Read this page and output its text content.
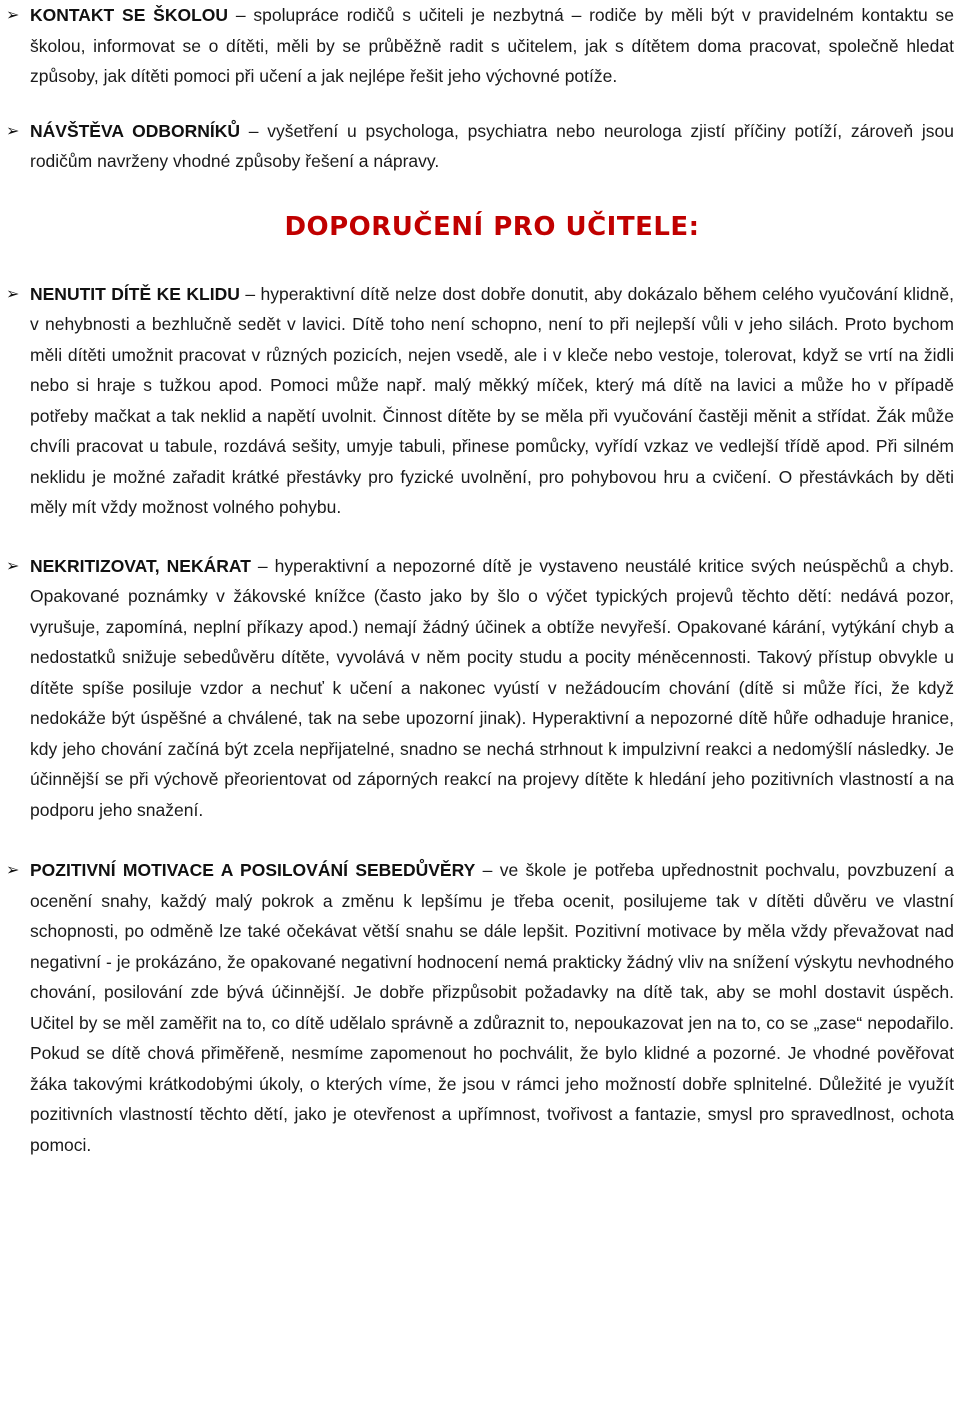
➢ KONTAKT SE ŠKOLOU – spolupráce rodičů s učiteli je nezbytná – rodiče by měli být v pravidelném kontaktu se školou, informovat se o dítěti, měli by se průběžně radit s učitelem, jak s dítětem doma pracovat, společně hledat způsoby, jak dítěti pomoci při učení a jak nejlépe řešit jeho výchovné potíže.
➢ NÁVŠTĚVA ODBORNÍKŮ – vyšetření u psychologa, psychiatra nebo neurologa zjistí příčiny potíží, zároveň jsou rodičům navrženy vhodné způsoby řešení a nápravy.
DOPORUČENÍ PRO UČITELE:
➢ NENUTIT DÍTĚ KE KLIDU – hyperaktivní dítě nelze dost dobře donutit, aby dokázalo během celého vyučování klidně, v nehybnosti a bezhlučně sedět v lavici. Dítě toho není schopno, není to při nejlepší vůli v jeho silách. Proto bychom měli dítěti umožnit pracovat v různých pozicích, nejen vsedě, ale i v kleče nebo vestoje, tolerovat, když se vrtí na židli nebo si hraje s tužkou apod. Pomoci může např. malý měkký míček, který má dítě na lavici a může ho v případě potřeby mačkat a tak neklid a napětí uvolnit. Činnost dítěte by se měla při vyučování častěji měnit a střídat. Žák může chvíli pracovat u tabule, rozdává sešity, umyje tabuli, přinese pomůcky, vyřídí vzkaz ve vedlejší třídě apod. Při silném neklidu je možné zařadit krátké přestávky pro fyzické uvolnění, pro pohybovou hru a cvičení. O přestávkách by děti měly mít vždy možnost volného pohybu.
➢ NEKRITIZOVAT, NEKÁRAT – hyperaktivní a nepozorné dítě je vystaveno neustálé kritice svých neúspěchů a chyb. Opakované poznámky v žákovské knížce (často jako by šlo o výčet typických projevů těchto dětí: nedává pozor, vyrušuje, zapomíná, neplní příkazy apod.) nemají žádný účinek a obtíže nevyřeší. Opakované kárání, vytýkání chyb a nedostatků snižuje sebedůvěru dítěte, vyvolává v něm pocity studu a pocity méněcennosti. Takový přístup obvykle u dítěte spíše posiluje vzdor a nechuť k učení a nakonec vyústí v nežádoucím chování (dítě si může říci, že když nedokáže být úspěšné a chválené, tak na sebe upozorní jinak). Hyperaktivní a nepozorné dítě hůře odhaduje hranice, kdy jeho chování začíná být zcela nepřijatelné, snadno se nechá strhnout k impulzivní reakci a nedomýšlí následky. Je účinnější se při výchově přeorientovat od záporných reakcí na projevy dítěte k hledání jeho pozitivních vlastností a na podporu jeho snažení.
➢ POZITIVNÍ MOTIVACE A POSILOVÁNÍ SEBEDŮVĚRY – ve škole je potřeba upřednostnit pochvalu, povzbuzení a ocenění snahy, každý malý pokrok a změnu k lepšímu je třeba ocenit, posilujeme tak v dítěti důvěru ve vlastní schopnosti, po odměně lze také očekávat větší snahu se dále lepšit. Pozitivní motivace by měla vždy převažovat nad negativní - je prokázáno, že opakované negativní hodnocení nemá prakticky žádný vliv na snížení výskytu nevhodného chování, posilování zde bývá účinnější. Je dobře přizpůsobit požadavky na dítě tak, aby se mohl dostavit úspěch. Učitel by se měl zaměřit na to, co dítě udělalo správně a zdůraznit to, nepoukazovat jen na to, co se „zase“ nepodařilo. Pokud se dítě chová přiměřeně, nesmíme zapomenout ho pochválit, že bylo klidné a pozorné. Je vhodné pověřovat žáka takovými krátkodobými úkoly, o kterých víme, že jsou v rámci jeho možností dobře splnitelné. Důležité je využít pozitivních vlastností těchto dětí, jako je otevřenost a upřímnost, tvořivost a fantazie, smysl pro spravedlnost, ochota pomoci.
